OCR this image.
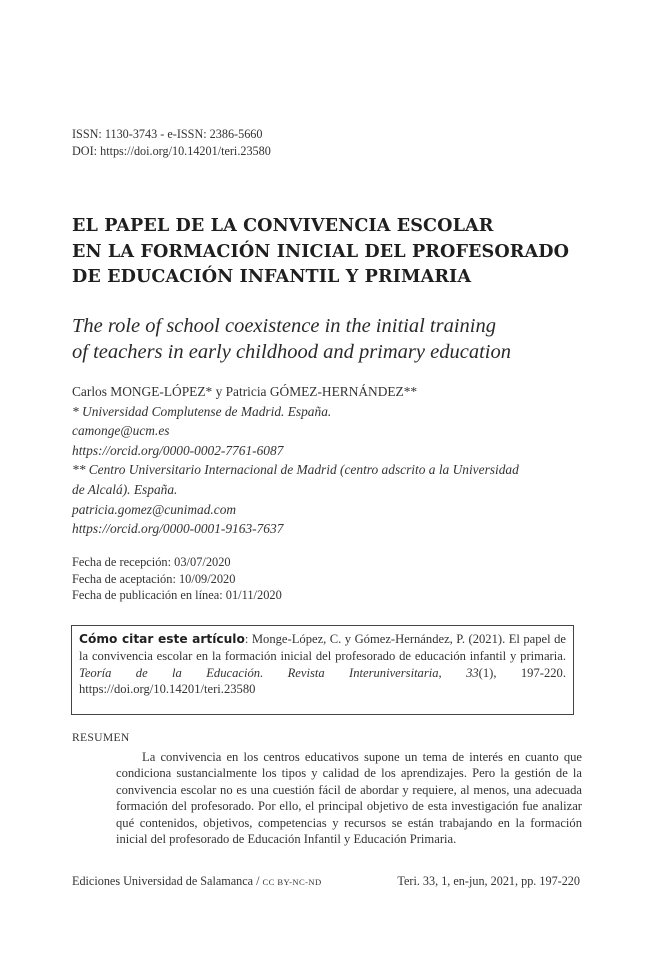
ISSN: 1130-3743 - e-ISSN: 2386-5660
DOI: https://doi.org/10.14201/teri.23580
EL PAPEL DE LA CONVIVENCIA ESCOLAR
EN LA FORMACIÓN INICIAL DEL PROFESORADO
DE EDUCACIÓN INFANTIL Y PRIMARIA
The role of school coexistence in the initial training
of teachers in early childhood and primary education
Carlos MONGE-LÓPEZ* y Patricia GÓMEZ-HERNÁNDEZ**
* Universidad Complutense de Madrid. España.
camonge@ucm.es
https://orcid.org/0000-0002-7761-6087
** Centro Universitario Internacional de Madrid (centro adscrito a la Universidad
de Alcalá). España.
patricia.gomez@cunimad.com
https://orcid.org/0000-0001-9163-7637
Fecha de recepción: 03/07/2020
Fecha de aceptación: 10/09/2020
Fecha de publicación en línea: 01/11/2020
Cómo citar este artículo: Monge-López, C. y Gómez-Hernández, P. (2021). El papel de la convivencia escolar en la formación inicial del profesorado de educación infantil y primaria. Teoría de la Educación. Revista Interuniversitaria, 33(1), 197-220. https://doi.org/10.14201/teri.23580
RESUMEN
La convivencia en los centros educativos supone un tema de interés en cuanto que condiciona sustancialmente los tipos y calidad de los aprendizajes. Pero la gestión de la convivencia escolar no es una cuestión fácil de abordar y requiere, al menos, una adecuada formación del profesorado. Por ello, el principal objetivo de esta investigación fue analizar qué contenidos, objetivos, competencias y recursos se están trabajando en la formación inicial del profesorado de Educación Infantil y Educación Primaria.
Ediciones Universidad de Salamanca / CC BY-NC-ND	Teri. 33, 1, en-jun, 2021, pp. 197-220
